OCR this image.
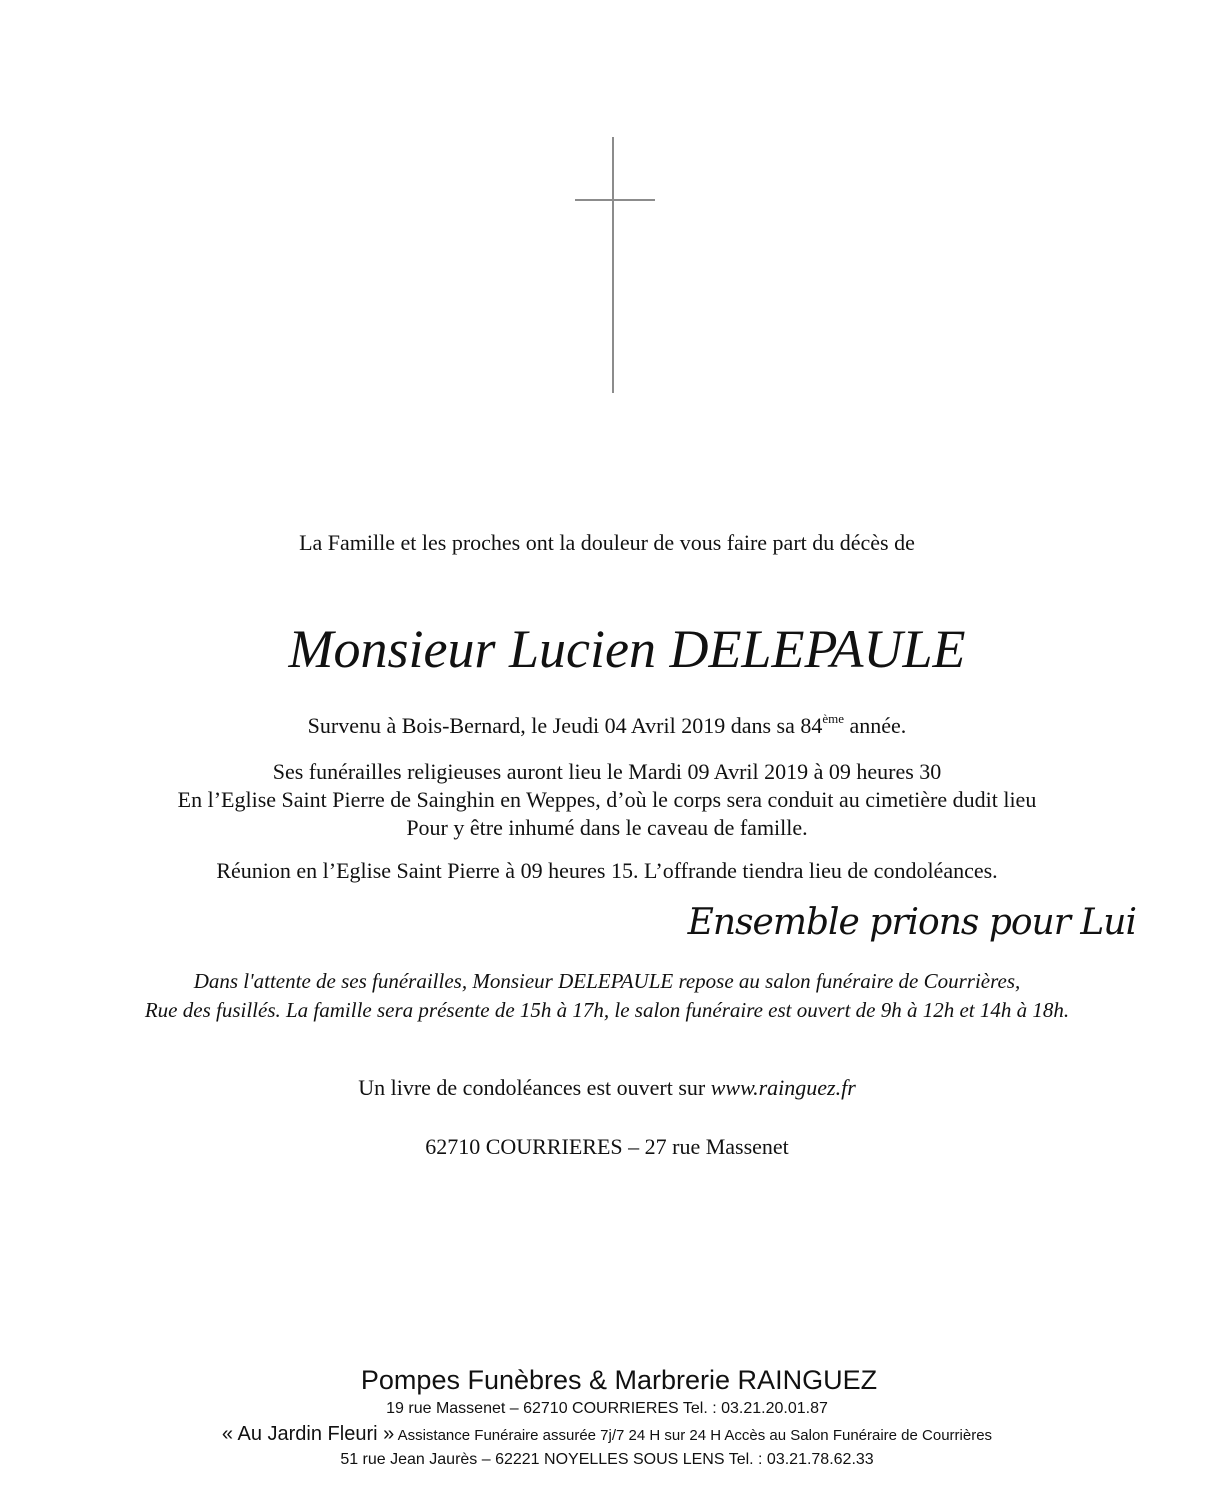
La Famille et les proches ont la douleur de vous faire part du décès de
Monsieur Lucien DELEPAULE
Survenu à Bois-Bernard, le Jeudi 04 Avril 2019 dans sa 84ème année.
Ses funérailles religieuses auront lieu le Mardi 09 Avril 2019 à 09 heures 30
En l’Eglise Saint Pierre de Sainghin en Weppes, d’où le corps sera conduit au cimetière dudit lieu
Pour y être inhumé dans le caveau de famille.
Réunion en l’Eglise Saint Pierre à 09 heures 15. L’offrande tiendra lieu de condoléances.
Ensemble prions pour Lui
Dans l'attente de ses funérailles, Monsieur DELEPAULE repose au salon funéraire de Courrières,
Rue des fusillés. La famille sera présente de 15h à 17h, le salon funéraire est ouvert de 9h à 12h et 14h à 18h.
Un livre de condoléances est ouvert sur www.rainguez.fr
62710 COURRIERES – 27 rue Massenet
Pompes Funèbres & Marbrerie RAINGUEZ
19 rue Massenet – 62710 COURRIERES Tel. : 03.21.20.01.87
« Au Jardin Fleuri » Assistance Funéraire assurée 7j/7 24 H sur 24 H Accès au Salon Funéraire de Courrières
51 rue Jean Jaurès – 62221 NOYELLES SOUS LENS Tel. : 03.21.78.62.33
